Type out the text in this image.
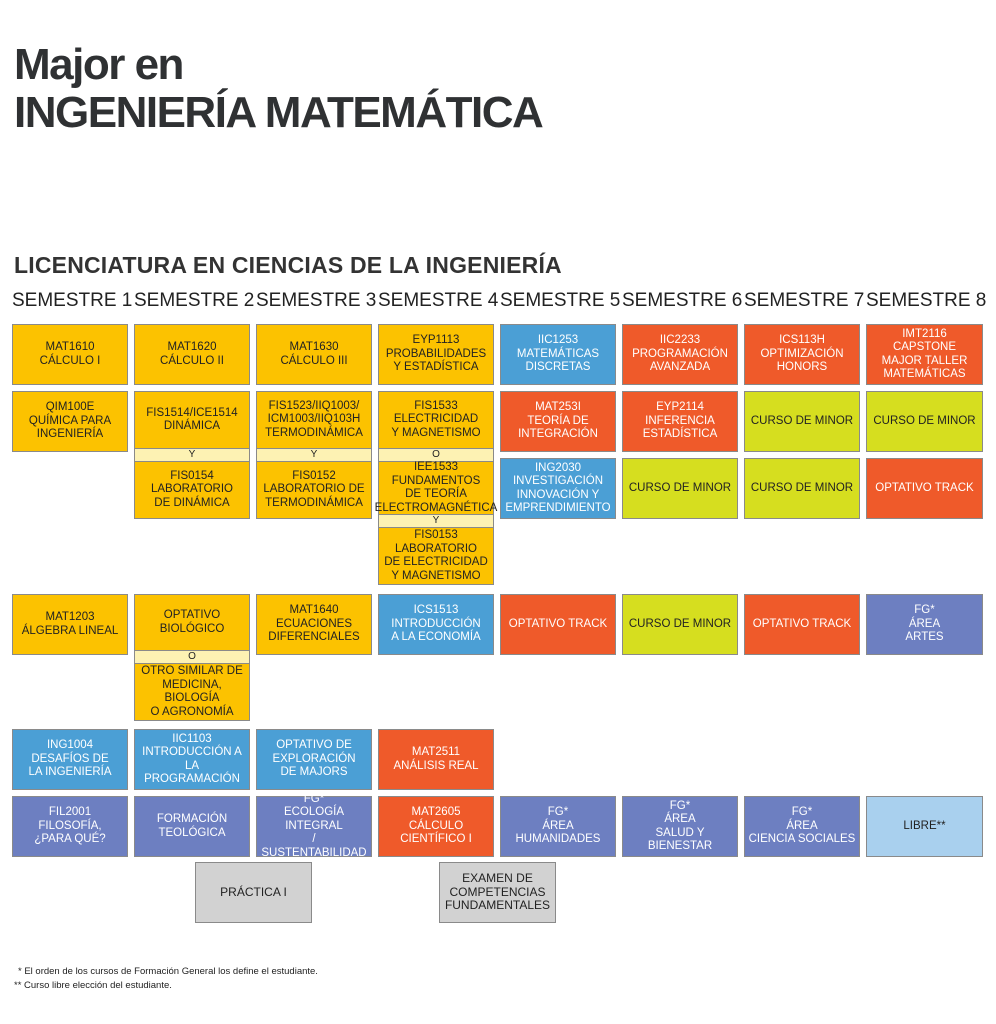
Major en
INGENIERÍA MATEMÁTICA
LICENCIATURA EN CIENCIAS DE LA INGENIERÍA
SEMESTRE 1 SEMESTRE 2 SEMESTRE 3 SEMESTRE 4 SEMESTRE 5 SEMESTRE 6 SEMESTRE 7 SEMESTRE 8
MAT1610
CÁLCULO I
QIM100E
QUÍMICA PARA
INGENIERÍA
MAT1203
ÁLGEBRA LINEAL
ING1004
DESAFÍOS DE
LA INGENIERÍA
FIL2001
FILOSOFÍA,
¿PARA QUÉ?
MAT1620
CÁLCULO II
FIS1514/ICE1514
DINÁMICA
Y
FIS0154
LABORATORIO
DE DINÁMICA
OPTATIVO
BIOLÓGICO
O
OTRO SIMILAR DE
MEDICINA, BIOLOGÍA
O AGRONOMÍA
IIC1103
INTRODUCCIÓN A
LA PROGRAMACIÓN
FORMACIÓN
TEOLÓGICA
MAT1630
CÁLCULO III
FIS1523/IIQ1003/
ICM1003/IIQ103H
TERMODINÁMICA
Y
FIS0152
LABORATORIO DE
TERMODINÁMICA
MAT1640
ECUACIONES
DIFERENCIALES
OPTATIVO DE
EXPLORACIÓN
DE MAJORS
FG*
ECOLOGÍA INTEGRAL
/ SUSTENTABILIDAD
EYP1113
PROBABILIDADES
Y ESTADÍSTICA
FIS1533
ELECTRICIDAD
Y MAGNETISMO
O
IEE1533
FUNDAMENTOS
DE TEORÍA
ELECTROMAGNÉTICA
Y
FIS0153
LABORATORIO
DE ELECTRICIDAD
Y MAGNETISMO
ICS1513
INTRODUCCIÓN
A LA ECONOMÍA
MAT2511
ANÁLISIS REAL
MAT2605
CÁLCULO
CIENTÍFICO I
IIC1253
MATEMÁTICAS
DISCRETAS
MAT253I
TEORÍA DE
INTEGRACIÓN
ING2030
INVESTIGACIÓN
INNOVACIÓN Y
EMPRENDIMIENTO
OPTATIVO TRACK
FG*
ÁREA
HUMANIDADES
IIC2233
PROGRAMACIÓN
AVANZADA
EYP2114
INFERENCIA
ESTADÍSTICA
CURSO DE MINOR
CURSO DE MINOR
FG*
ÁREA
SALUD Y BIENESTAR
ICS113H
OPTIMIZACIÓN
HONORS
CURSO DE MINOR
CURSO DE MINOR
OPTATIVO TRACK
FG*
ÁREA
CIENCIA SOCIALES
IMT2116
CAPSTONE
MAJOR TALLER
MATEMÁTICAS
CURSO DE MINOR
OPTATIVO TRACK
FG*
ÁREA
ARTES
LIBRE**
PRÁCTICA I
EXAMEN DE
COMPETENCIAS
FUNDAMENTALES
* El orden de los cursos de Formación General los define el estudiante.
** Curso libre elección del estudiante.
